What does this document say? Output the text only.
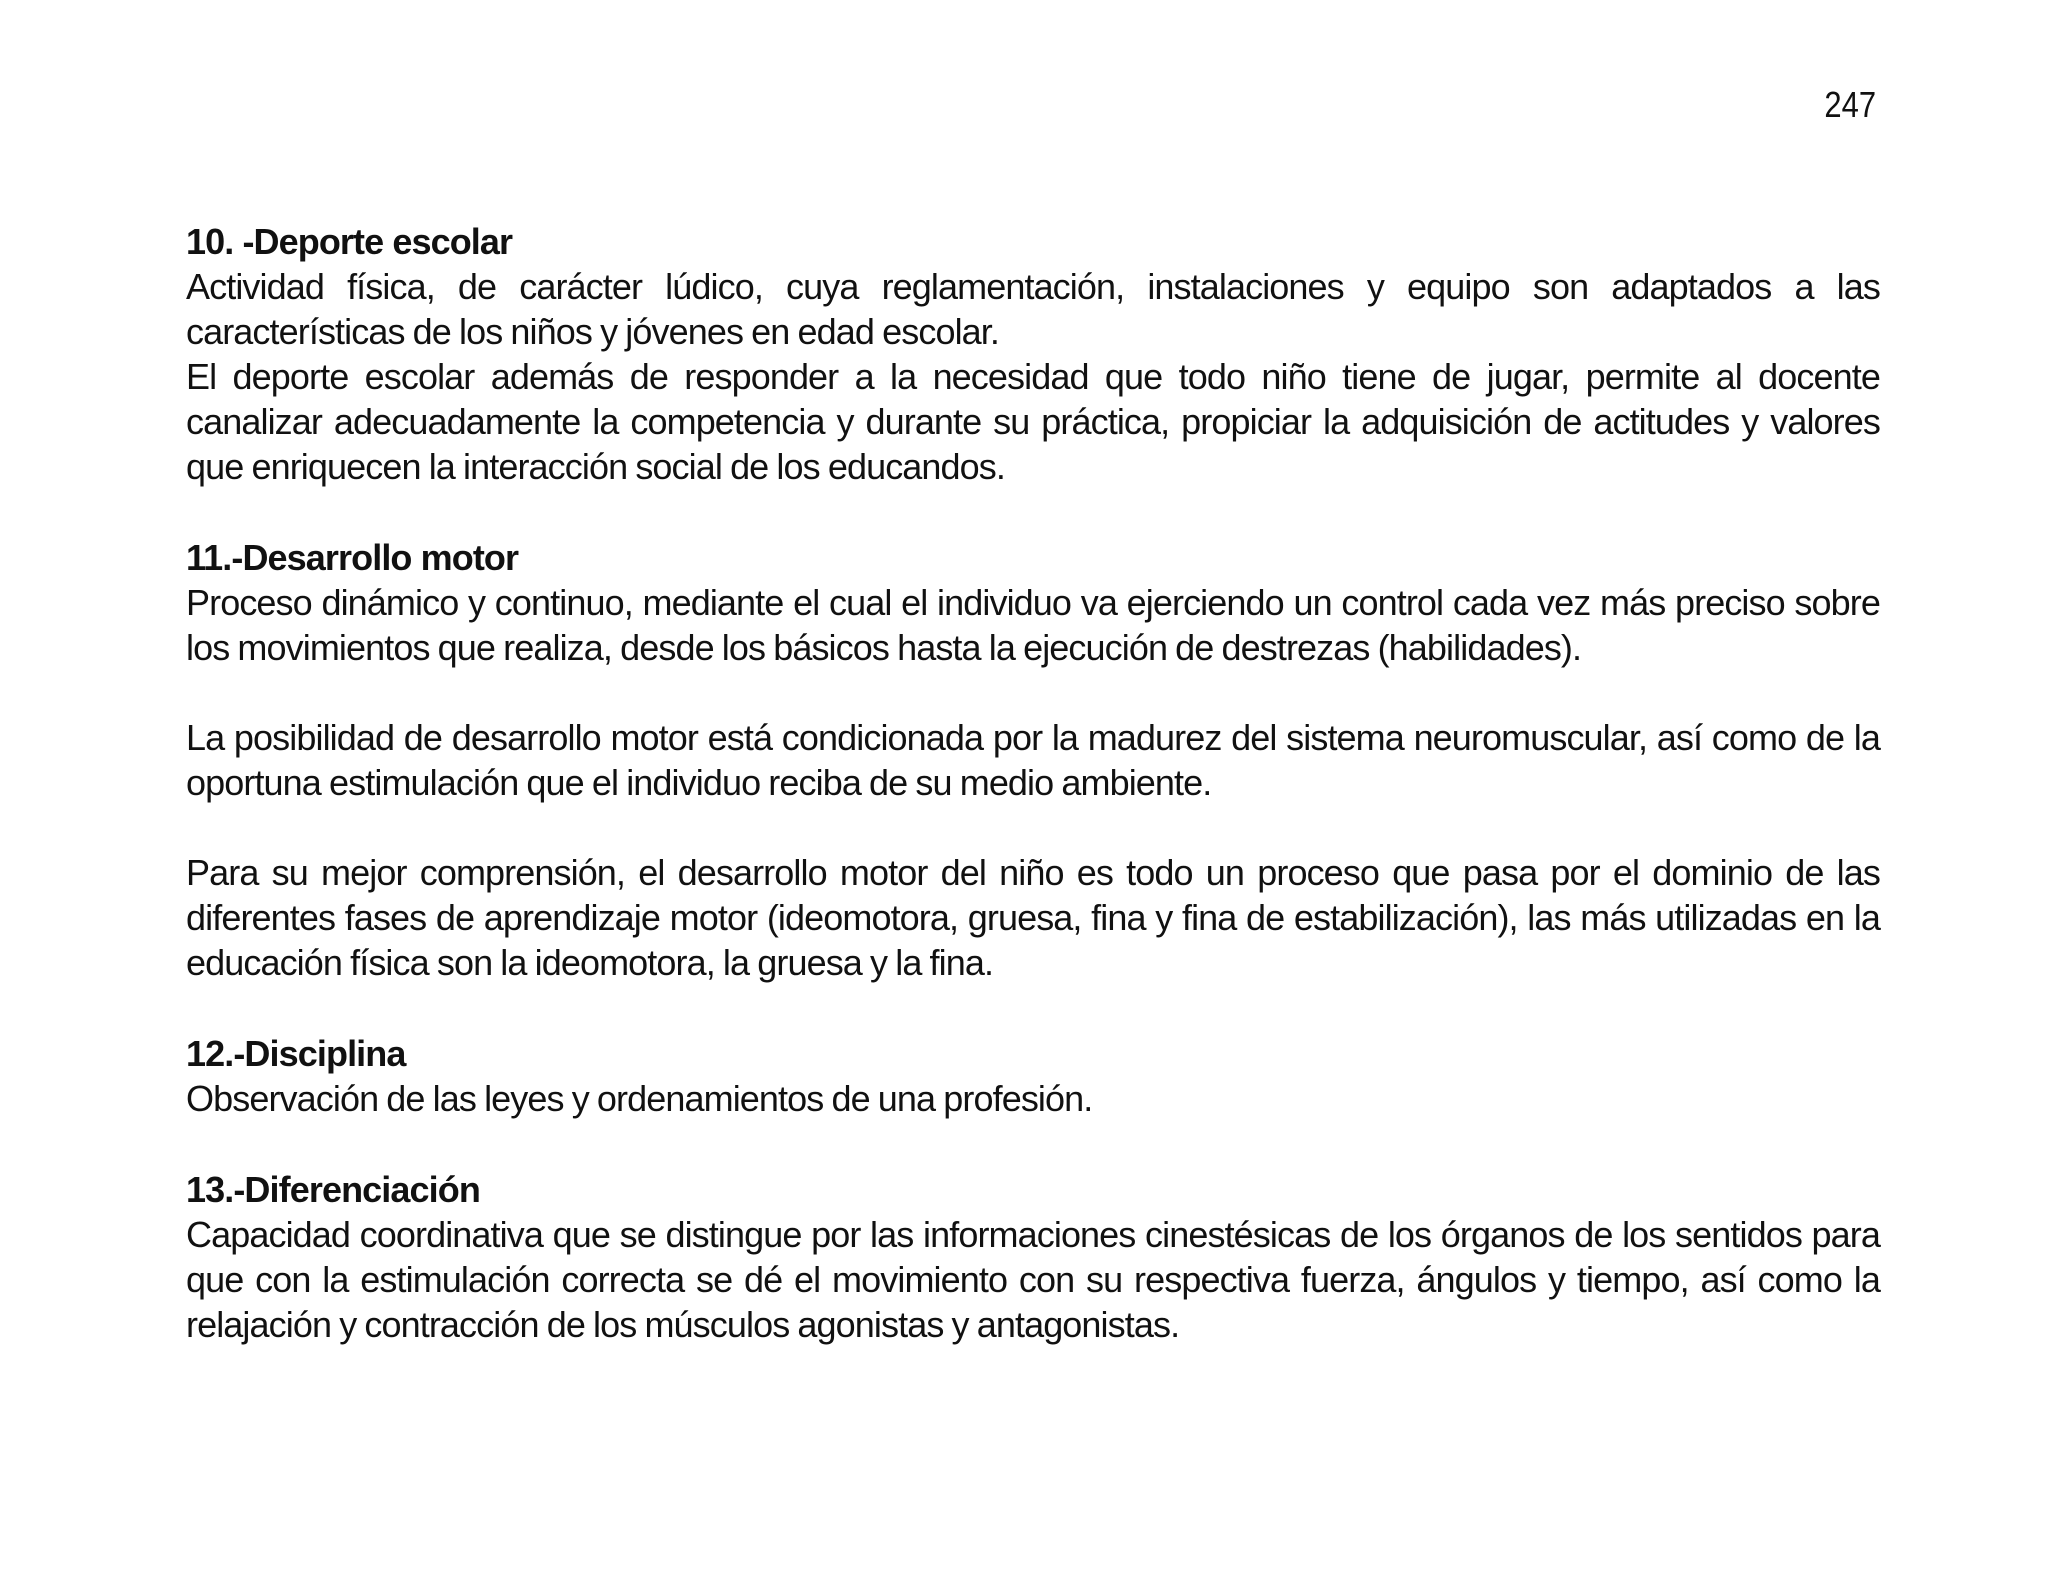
247

10. -Deporte escolar

Actividad física, de carácter lúdico, cuya reglamentación, instalaciones y equipo son adaptados a las características de los niños y jóvenes en edad escolar.

El deporte escolar además de responder a la necesidad que todo niño tiene de jugar, permite al docente canalizar adecuadamente la competencia y durante su práctica, propiciar la adquisición de actitudes y valores que enriquecen la interacción social de los educandos.

11.-Desarrollo motor

Proceso dinámico y continuo, mediante el cual el individuo va ejerciendo un control cada vez más preciso sobre los movimientos que realiza, desde los básicos hasta la ejecución de destrezas (habilidades).

La posibilidad de desarrollo motor está condicionada por la madurez del sistema neuromuscular, así como de la oportuna estimulación que el individuo reciba de su medio ambiente.

Para su mejor comprensión, el desarrollo motor del niño es todo un proceso que pasa por el dominio de las diferentes fases de aprendizaje motor (ideomotora, gruesa, fina y fina de estabilización), las más utilizadas en la educación física son la ideomotora, la gruesa y la fina.

12.-Disciplina

Observación de las leyes y ordenamientos de una profesión.

13.-Diferenciación

Capacidad coordinativa que se distingue por las informaciones cinestésicas de los órganos de los sentidos para que con la estimulación correcta se dé el movimiento con su respectiva fuerza, ángulos y tiempo, así como la relajación y contracción de los músculos agonistas y antagonistas.
